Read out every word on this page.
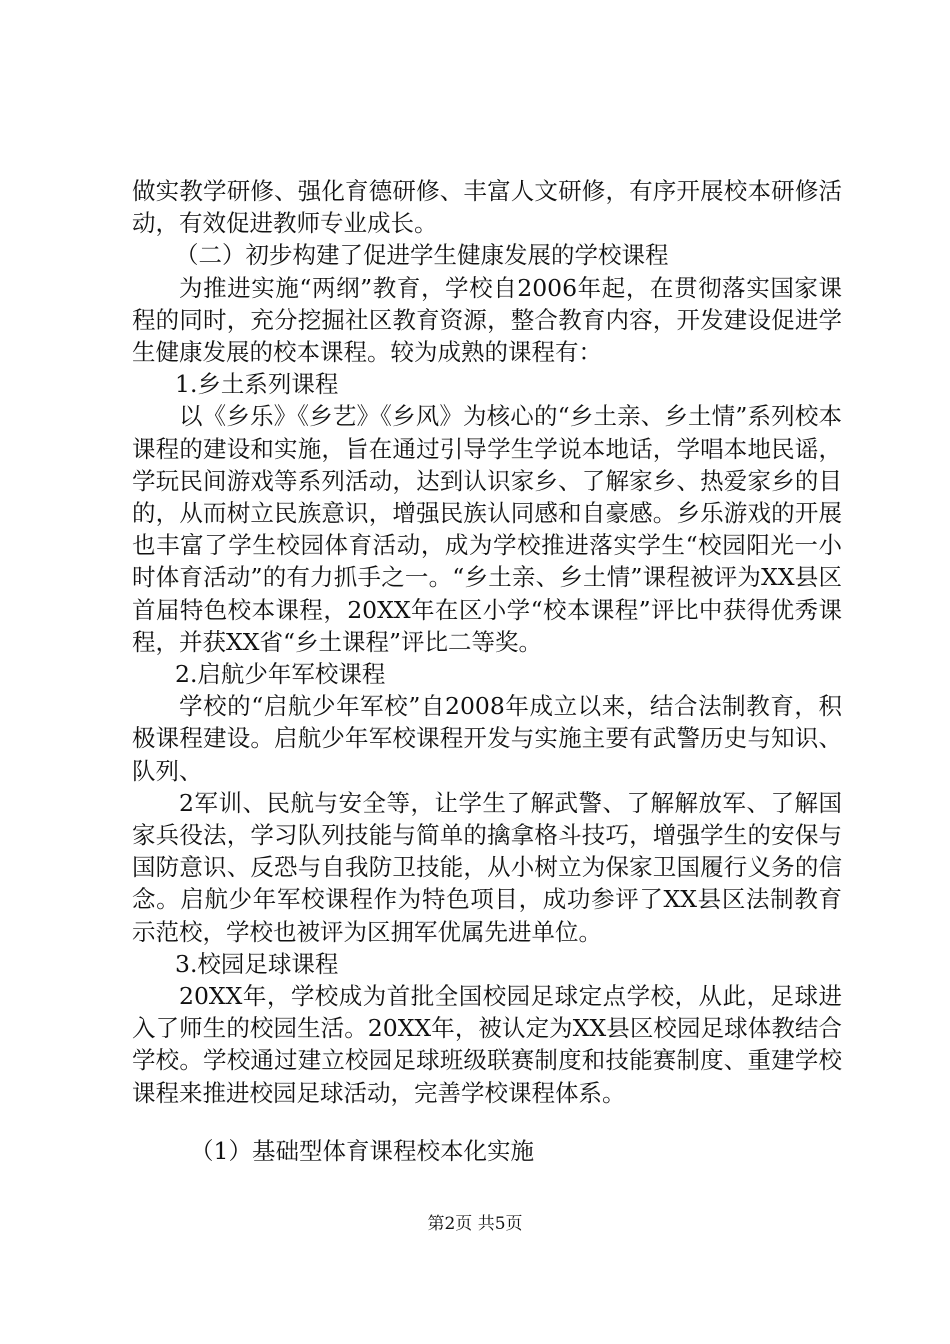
做实教学研修、强化育德研修、丰富人文研修，有序开展校本研修活动，有效促进教师专业成长。

（二）初步构建了促进学生健康发展的学校课程

为推进实施“两纲”教育，学校自2006年起，在贯彻落实国家课程的同时，充分挖掘社区教育资源，整合教育内容，开发建设促进学生健康发展的校本课程。较为成熟的课程有：

1.乡土系列课程

以《乡乐》《乡艺》《乡风》为核心的“乡土亲、乡土情”系列校本课程的建设和实施，旨在通过引导学生学说本地话，学唱本地民谣，学玩民间游戏等系列活动，达到认识家乡、了解家乡、热爱家乡的目的，从而树立民族意识，增强民族认同感和自豪感。乡乐游戏的开展也丰富了学生校园体育活动，成为学校推进落实学生“校园阳光一小时体育活动”的有力抓手之一。“乡土亲、乡土情”课程被评为XX县区首届特色校本课程，20XX年在区小学“校本课程”评比中获得优秀课程，并获XX省“乡土课程”评比二等奖。

2.启航少年军校课程

学校的“启航少年军校”自2008年成立以来，结合法制教育，积极课程建设。启航少年军校课程开发与实施主要有武警历史与知识、队列、

2军训、民航与安全等，让学生了解武警、了解解放军、了解国家兵役法，学习队列技能与简单的擒拿格斗技巧，增强学生的安保与国防意识、反恐与自我防卫技能，从小树立为保家卫国履行义务的信念。启航少年军校课程作为特色项目，成功参评了XX县区法制教育示范校，学校也被评为区拥军优属先进单位。

3.校园足球课程

20XX年，学校成为首批全国校园足球定点学校，从此，足球进入了师生的校园生活。20XX年，被认定为XX县区校园足球体教结合学校。学校通过建立校园足球班级联赛制度和技能赛制度、重建学校课程来推进校园足球活动，完善学校课程体系。

（1）基础型体育课程校本化实施

第2页 共5页
